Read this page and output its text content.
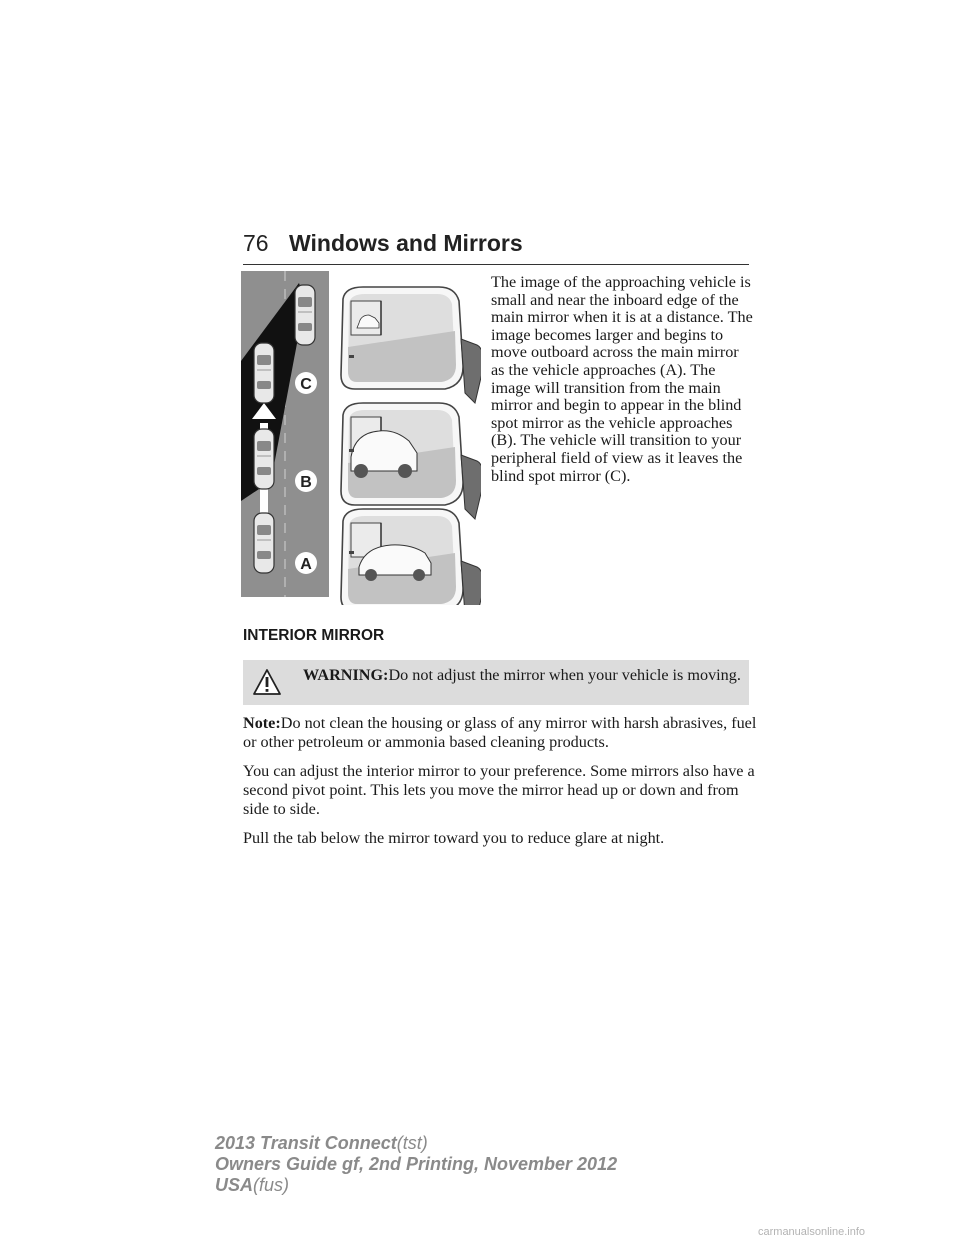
76 Windows and Mirrors
C
B
A
The image of the approaching vehicle is small and near the inboard edge of the main mirror when it is at a distance. The image becomes larger and begins to move outboard across the main mirror as the vehicle approaches (A). The image will transition from the main mirror and begin to appear in the blind spot mirror as the vehicle approaches (B). The vehicle will transition to your peripheral field of view as it leaves the blind spot mirror (C).
INTERIOR MIRROR
WARNING:Do not adjust the mirror when your vehicle is moving.
Note:Do not clean the housing or glass of any mirror with harsh abrasives, fuel or other petroleum or ammonia based cleaning products.
You can adjust the interior mirror to your preference. Some mirrors also have a second pivot point. This lets you move the mirror head up or down and from side to side.
Pull the tab below the mirror toward you to reduce glare at night.
2013 Transit Connect(tst)
Owners Guide gf, 2nd Printing, November 2012
USA(fus)
carmanualsonline.info
